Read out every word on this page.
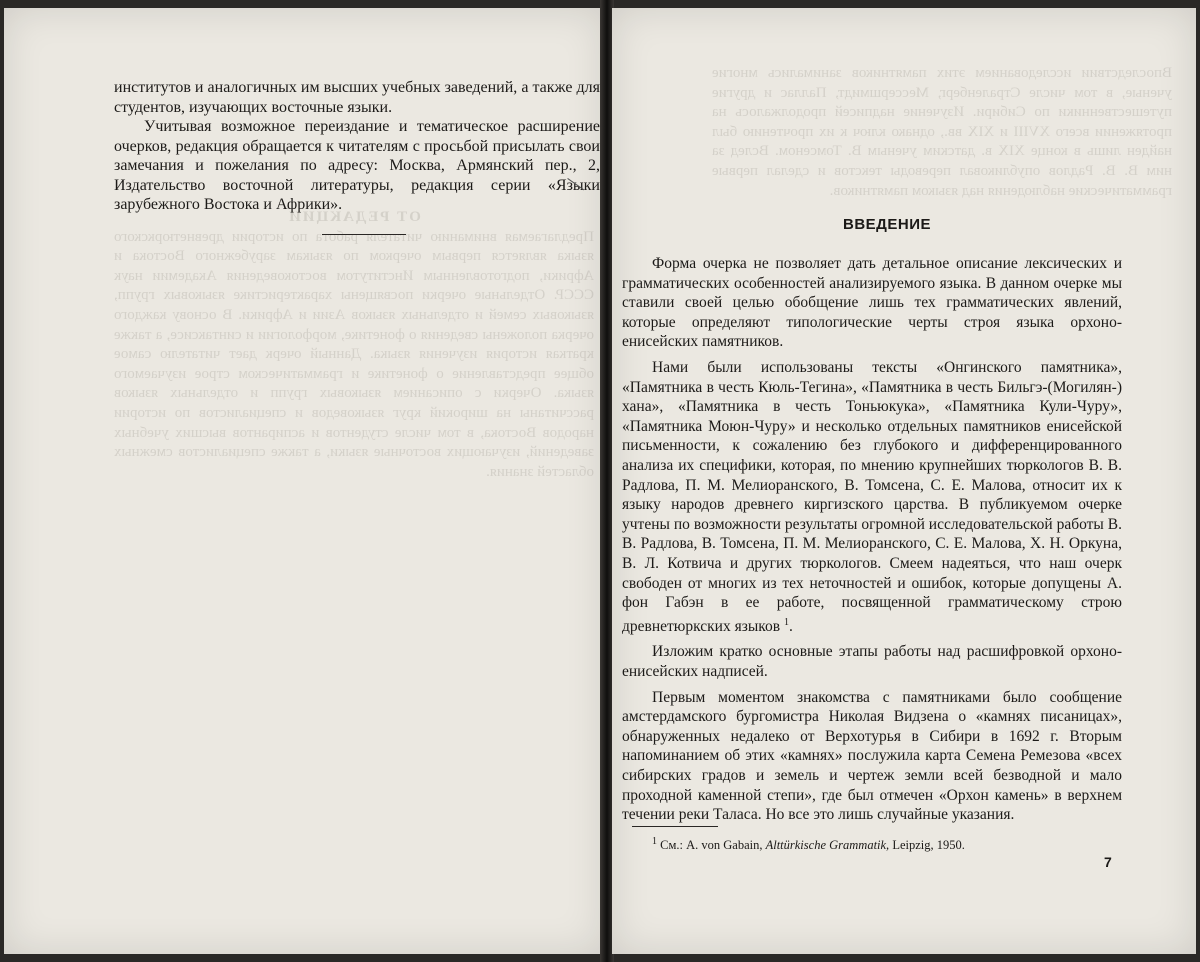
ОТ РЕДАКЦИИ
Предлагаемая вниманию читателя работа по истории древнетюркского языка является первым очерком по языкам зарубежного Востока и Африки, подготовленным Институтом востоковедения Академии наук СССР. Отдельные очерки посвящены характеристике языковых групп, языковых семей и отдельных языков Азии и Африки. В основу каждого очерка положены сведения о фонетике, морфологии и синтаксисе, а также краткая история изучения языка. Данный очерк дает читателю самое общее представление о фонетике и грамматическом строе изучаемого языка. Очерки с описанием языковых групп и отдельных языков рассчитаны на широкий круг языковедов и специалистов по истории народов Востока, в том числе студентов и аспирантов высших учебных заведений, изучающих восточные языки, а также специалистов смежных областей знания.

институтов и аналогичных им высших учебных заведений, а также для студентов, изучающих восточные языки.

Учитывая возможное переиздание и тематическое расширение очерков, редакция обращается к читателям с просьбой присылать свои замечания и пожелания по адресу: Москва, Армянский пер., 2, Издательство восточной литературы, редакция серии «Языки зарубежного Востока и Африки».

Впоследствии исследованием этих памятников занимались многие ученые, в том числе Страленберг, Мессершмидт, Паллас и другие путешественники по Сибири. Изучение надписей продолжалось на протяжении всего XVIII и XIX вв., однако ключ к их прочтению был найден лишь в конце XIX в. датским ученым В. Томсеном. Вслед за ним В. В. Радлов опубликовал переводы текстов и сделал первые грамматические наблюдения над языком памятников.
ВВЕДЕНИЕ

Форма очерка не позволяет дать детальное описание лексических и грамматических особенностей анализируемого языка. В данном очерке мы ставили своей целью обобщение лишь тех грамматических явлений, которые определяют типологические черты строя языка орхоно-енисейских памятников.

Нами были использованы тексты «Онгинского памятника», «Памятника в честь Кюль-Тегина», «Памятника в честь Бильгэ-(Могилян-) хана», «Памятника в честь Тоньюкука», «Памятника Кули-Чуру», «Памятника Моюн-Чуру» и несколько отдельных памятников енисейской письменности, к сожалению без глубокого и дифференцированного анализа их специфики, которая, по мнению крупнейших тюркологов В. В. Радлова, П. М. Мелиоранского, В. Томсена, С. Е. Малова, относит их к языку народов древнего киргизского царства. В публикуемом очерке учтены по возможности результаты огромной исследовательской работы В. В. Радлова, В. Томсена, П. М. Мелиоранского, С. Е. Малова, Х. Н. Оркуна, В. Л. Котвича и других тюркологов. Смеем надеяться, что наш очерк свободен от многих из тех неточностей и ошибок, которые допущены А. фон Габэн в ее работе, посвященной грамматическому строю древнетюркских языков $^1$.

Изложим кратко основные этапы работы над расшифровкой орхоно-енисейских надписей.

Первым моментом знакомства с памятниками было сообщение амстердамского бургомистра Николая Видзена о «камнях писаницах», обнаруженных недалеко от Верхотурья в Сибири в 1692 г. Вторым напоминанием об этих «камнях» послужила карта Семена Ремезова «всех сибирских градов и земель и чертеж земли всей безводной и мало проходной каменной степи», где был отмечен «Орхон камень» в верхнем течении реки Таласа. Но все это лишь случайные указания.

$^1$ См.: A. von Gabain, Alttürkische Grammatik, Leipzig, 1950.
7
